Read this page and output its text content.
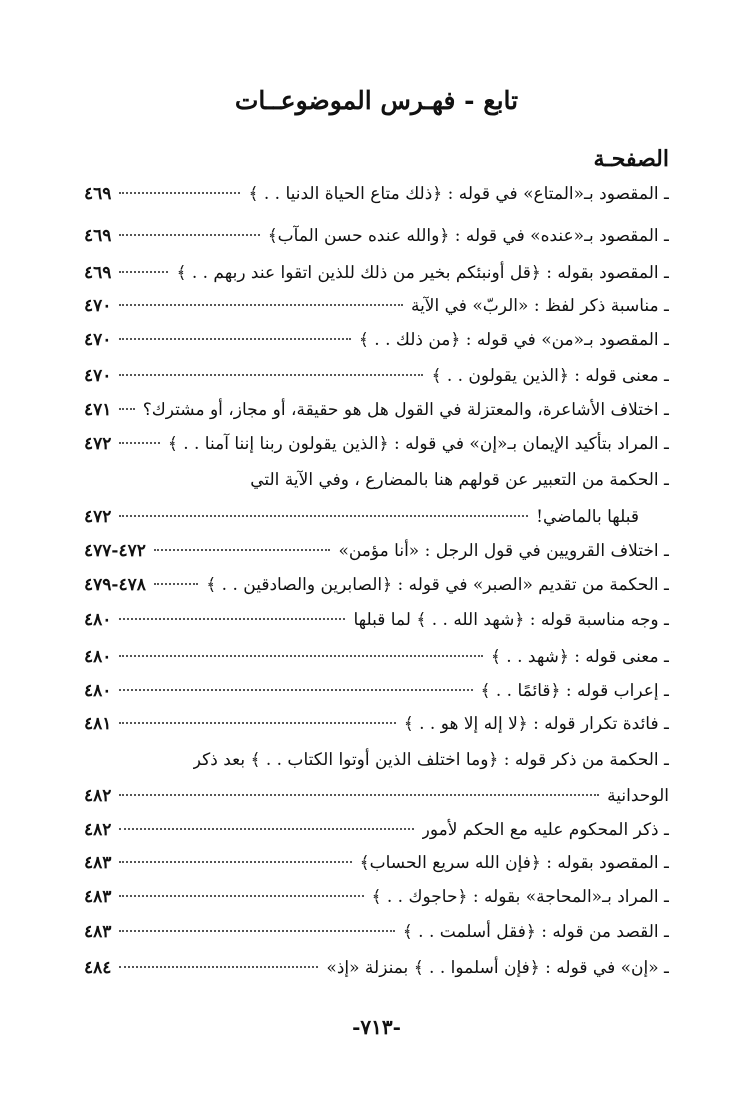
تابع - فهـرس الموضوعــات
الصفحـة
ـ المقصود بـ«المتاع» في قوله : ﴿ذلك متاع الحياة الدنيا . . ﴾
٤٦٩
ـ المقصود بـ«عنده» في قوله : ﴿والله عنده حسن المآب﴾
٤٦٩
ـ المقصود بقوله : ﴿قل أونبئكم بخير من ذلك للذين اتقوا عند ربهم . . ﴾
٤٦٩
ـ مناسبة ذكر لفظ : «الربّ» في الآية
٤٧٠
ـ المقصود بـ«من» في قوله : ﴿من ذلك . . ﴾
٤٧٠
ـ معنى قوله : ﴿الذين يقولون . . ﴾
٤٧٠
ـ اختلاف الأشاعرة، والمعتزلة في القول هل هو حقيقة، أو مجاز، أو مشترك؟
٤٧١
ـ المراد بتأكيد الإيمان بـ«إن» في قوله : ﴿الذين يقولون ربنا إننا آمنا . . ﴾
٤٧٢
ـ الحكمة من التعبير عن قولهم هنا بالمضارع ، وفي الآية التي
قبلها بالماضي!
٤٧٢
ـ اختلاف القرويين في قول الرجل : «أنا مؤمن»
٤٧٢-٤٧٧
ـ الحكمة من تقديم «الصبر» في قوله : ﴿الصابرين والصادقين . . ﴾
٤٧٨-٤٧٩
ـ وجه مناسبة قوله : ﴿شهد الله . . ﴾ لما قبلها
٤٨٠
ـ معنى قوله : ﴿شهد . . ﴾
٤٨٠
ـ إعراب قوله : ﴿قائمًا . . ﴾
٤٨٠
ـ فائدة تكرار قوله : ﴿لا إله إلا هو . . ﴾
٤٨١
ـ الحكمة من ذكر قوله : ﴿وما اختلف الذين أوتوا الكتاب . . ﴾ بعد ذكر
الوحدانية
٤٨٢
ـ ذكر المحكوم عليه مع الحكم لأمور
٤٨٢
ـ المقصود بقوله : ﴿فإن الله سريع الحساب﴾
٤٨٣
ـ المراد بـ«المحاجة» بقوله : ﴿حاجوك . . ﴾
٤٨٣
ـ القصد من قوله : ﴿فقل أسلمت . . ﴾
٤٨٣
ـ «إن» في قوله : ﴿فإن أسلموا . . ﴾ بمنزلة «إذ»
٤٨٤
-٧١٣-
